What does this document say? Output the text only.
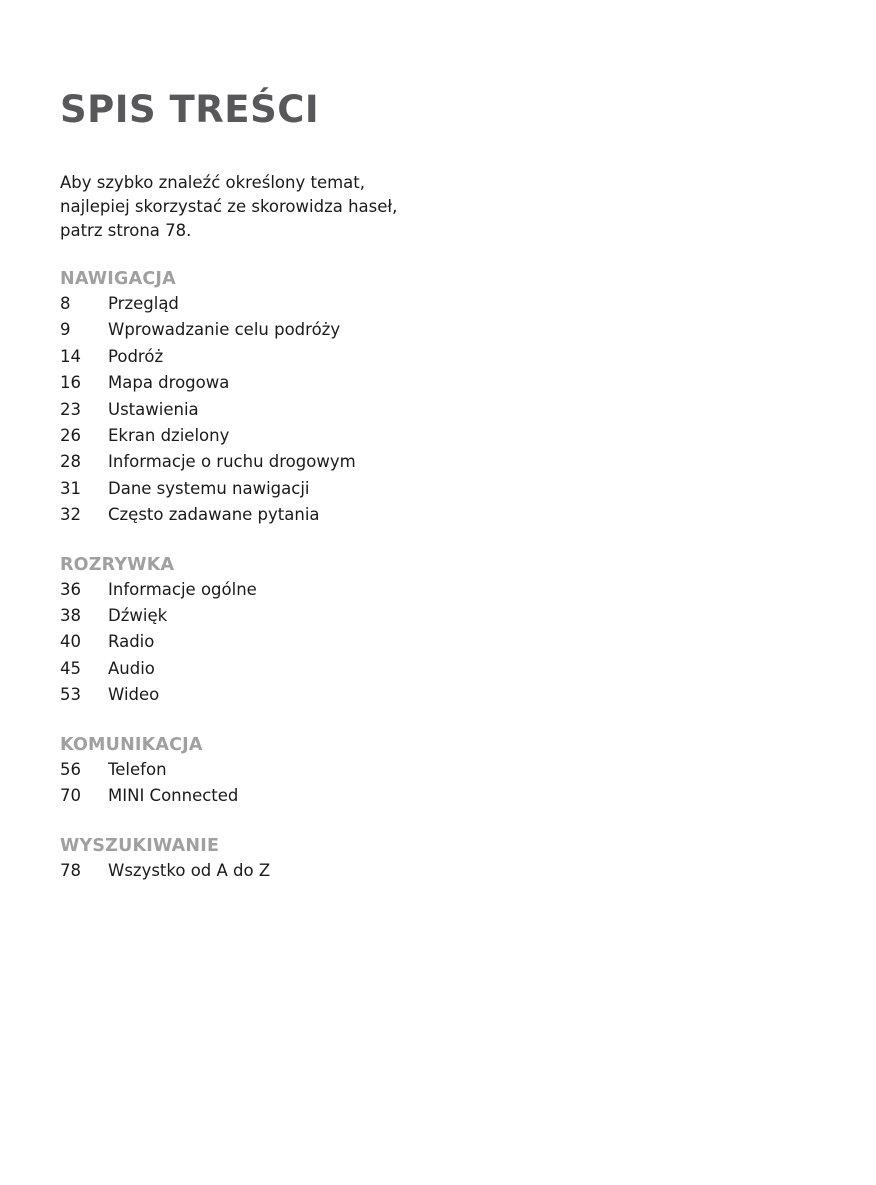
SPIS TREŚCI

Aby szybko znaleźć określony temat, najlepiej skorzystać ze skorowidza haseł, patrz strona 78.

NAWIGACJA
8	Przegląd
9	Wprowadzanie celu podróży
14	Podróż
16	Mapa drogowa
23	Ustawienia
26	Ekran dzielony
28	Informacje o ruchu drogowym
31	Dane systemu nawigacji
32	Często zadawane pytania
ROZRYWKA
36	Informacje ogólne
38	Dźwięk
40	Radio
45	Audio
53	Wideo
KOMUNIKACJA
56	Telefon
70	MINI Connected
WYSZUKIWANIE
78	Wszystko od A do Z
